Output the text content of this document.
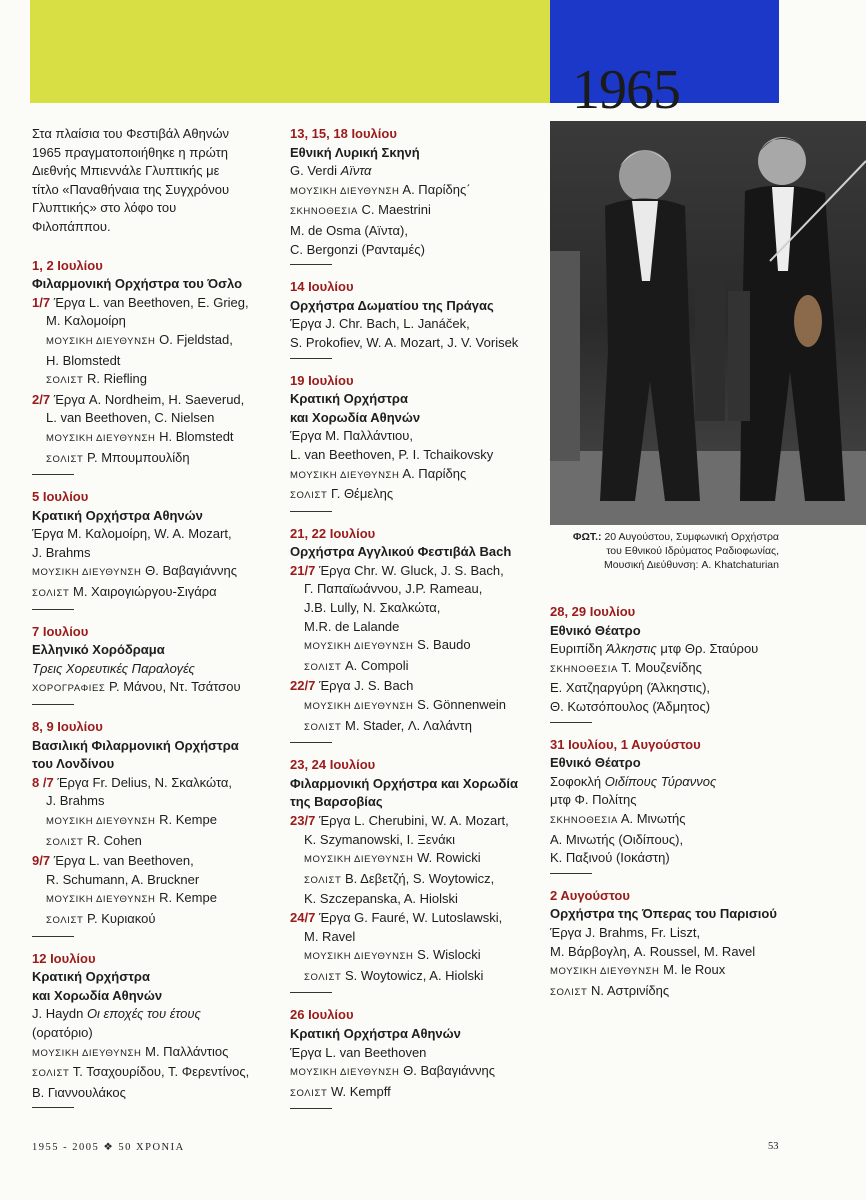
1965
Στα πλαίσια του Φεστιβάλ Αθηνών
1965 πραγματοποιήθηκε η πρώτη
Διεθνής Μπιεννάλε Γλυπτικής με
τίτλο «Παναθήναια της Συγχρόνου
Γλυπτικής» στο λόφο του
Φιλοπάππου.
1, 2 Ιουλίου
Φιλαρμονική Ορχήστρα του Όσλο
1/7 Έργα L. van Beethoven, E. Grieg,
M. Καλομοίρη
ΜΟΥΣΙΚΗ ΔΙΕΥΘΥΝΣΗ O. Fjeldstad,
H. Blomstedt
ΣΟΛΙΣΤ R. Riefling
2/7 Έργα A. Nordheim, H. Saeverud,
L. van Beethoven, C. Nielsen
ΜΟΥΣΙΚΗ ΔΙΕΥΘΥΝΣΗ H. Blomstedt
ΣΟΛΙΣΤ Ρ. Μπουμπουλίδη
5 Ιουλίου
Κρατική Ορχήστρα Αθηνών
Έργα M. Καλομοίρη, W. A. Mozart,
J. Brahms
ΜΟΥΣΙΚΗ ΔΙΕΥΘΥΝΣΗ Θ. Βαβαγιάννης
ΣΟΛΙΣΤ Μ. Χαιρογιώργου-Σιγάρα
7 Ιουλίου
Ελληνικό Χορόδραμα
Τρεις Χορευτικές Παραλογές
ΧΟΡΟΓΡΑΦΙΕΣ Ρ. Μάνου, Ντ. Τσάτσου
8, 9 Ιουλίου
Βασιλική Φιλαρμονική Ορχήστρα
του Λονδίνου
8 /7 Έργα Fr. Delius, Ν. Σκαλκώτα,
J. Brahms
ΜΟΥΣΙΚΗ ΔΙΕΥΘΥΝΣΗ R. Kempe
ΣΟΛΙΣΤ R. Cohen
9/7 Έργα L. van Beethoven,
R. Schumann, A. Bruckner
ΜΟΥΣΙΚΗ ΔΙΕΥΘΥΝΣΗ R. Kempe
ΣΟΛΙΣΤ Ρ. Κυριακού
12 Ιουλίου
Κρατική Ορχήστρα
και Χορωδία Αθηνών
J. Haydn Οι εποχές του έτους
(ορατόριο)
ΜΟΥΣΙΚΗ ΔΙΕΥΘΥΝΣΗ Μ. Παλλάντιος
ΣΟΛΙΣΤ Τ. Τσαχουρίδου, Τ. Φερεντίνος,
Β. Γιαννουλάκος
13, 15, 18 Ιουλίου
Εθνική Λυρική Σκηνή
G. Verdi Aïντα
ΜΟΥΣΙΚΗ ΔΙΕΥΘΥΝΣΗ Α. Παρίδης΄
ΣΚΗΝΟΘΕΣΙΑ C. Maestrini
M. de Osma (Aïντα),
C. Bergonzi (Ρανταμές)
14 Ιουλίου
Ορχήστρα Δωματίου της Πράγας
Έργα J. Chr. Bach, L. Janáček,
S. Prokofiev, W. A. Mozart, J. V. Vorisek
19 Ιουλίου
Κρατική Ορχήστρα
και Χορωδία Αθηνών
Έργα Μ. Παλλάντιου,
L. van Beethoven, P. I. Tchaikovsky
ΜΟΥΣΙΚΗ ΔΙΕΥΘΥΝΣΗ Α. Παρίδης
ΣΟΛΙΣΤ Γ. Θέμελης
21, 22 Ιουλίου
Ορχήστρα Αγγλικού Φεστιβάλ Bach
21/7 Έργα Chr. W. Gluck, J. S. Bach,
Γ. Παπαϊωάννου, J.P. Rameau,
J.B. Lully, Ν. Σκαλκώτα,
M.R. de Lalande
ΜΟΥΣΙΚΗ ΔΙΕΥΘΥΝΣΗ S. Baudo
ΣΟΛΙΣΤ A. Compoli
22/7 Έργα J. S. Bach
ΜΟΥΣΙΚΗ ΔΙΕΥΘΥΝΣΗ S. Gönnenwein
ΣΟΛΙΣΤ M. Stader, Λ. Λαλάντη
23, 24 Ιουλίου
Φιλαρμονική Ορχήστρα και Χορωδία
της Βαρσοβίας
23/7 Έργα L. Cherubini, W. A. Mozart,
K. Szymanowski, Ι. Ξενάκι
ΜΟΥΣΙΚΗ ΔΙΕΥΘΥΝΣΗ W. Rowicki
ΣΟΛΙΣΤ Β. Δεβετζή, S. Woytowicz,
K. Szczepanska, A. Hiolski
24/7 Έργα G. Fauré, W. Lutoslawski,
M. Ravel
ΜΟΥΣΙΚΗ ΔΙΕΥΘΥΝΣΗ S. Wislocki
ΣΟΛΙΣΤ S. Woytowicz, A. Hiolski
26 Ιουλίου
Κρατική Ορχήστρα Αθηνών
Έργα L. van Beethoven
ΜΟΥΣΙΚΗ ΔΙΕΥΘΥΝΣΗ Θ. Βαβαγιάννης
ΣΟΛΙΣΤ W. Kempff
ΦΩΤ.: 20 Αυγούστου, Συμφωνική Ορχήστρα
του Εθνικού Ιδρύματος Ραδιοφωνίας,
Μουσική Διεύθυνση: A. Khatchaturian
28, 29 Ιουλίου
Εθνικό Θέατρο
Ευριπίδη Άλκηστις μτφ Θρ. Σταύρου
ΣΚΗΝΟΘΕΣΙΑ Τ. Μουζενίδης
Ε. Χατζηαργύρη (Άλκηστις),
Θ. Κωτσόπουλος (Άδμητος)
31 Ιουλίου, 1 Αυγούστου
Εθνικό Θέατρο
Σοφοκλή Οιδίπους Τύραννος
μτφ Φ. Πολίτης
ΣΚΗΝΟΘΕΣΙΑ Α. Μινωτής
Α. Μινωτής (Οιδίπους),
Κ. Παξινού (Ιοκάστη)
2 Αυγούστου
Ορχήστρα της Όπερας του Παρισιού
Έργα J. Brahms, Fr. Liszt,
Μ. Βάρβογλη, A. Roussel, M. Ravel
ΜΟΥΣΙΚΗ ΔΙΕΥΘΥΝΣΗ M. le Roux
ΣΟΛΙΣΤ Ν. Αστρινίδης
1955 - 2005 ❖ 50 ΧΡΟΝΙΑ	53
